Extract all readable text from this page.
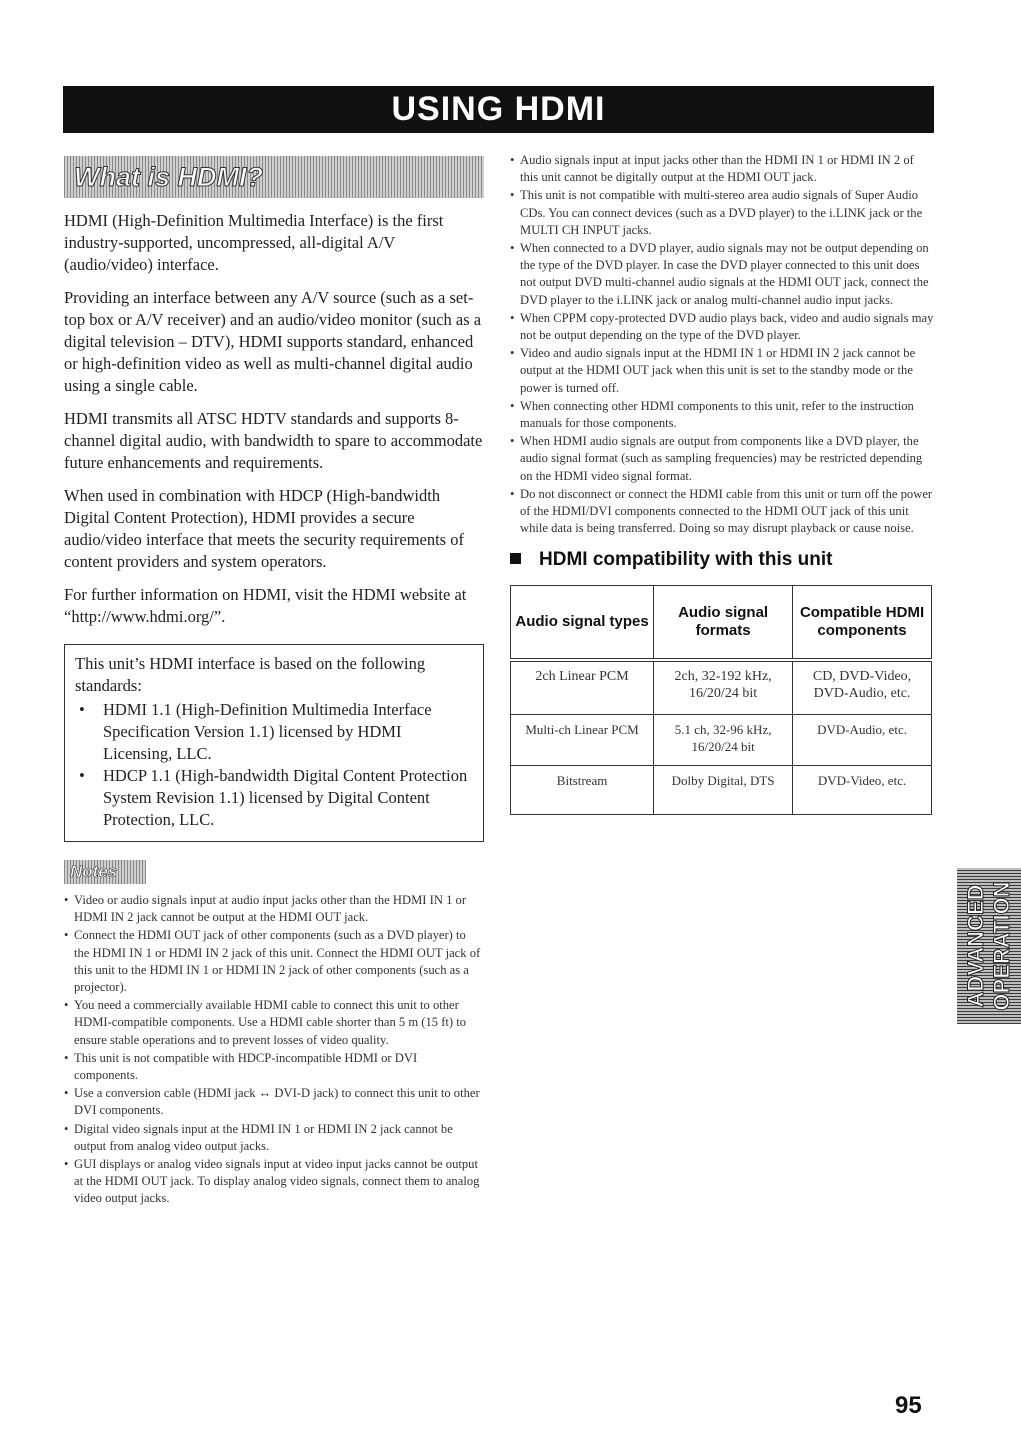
USING HDMI
What is HDMI?

HDMI (High-Definition Multimedia Interface) is the first industry-supported, uncompressed, all-digital A/V (audio/video) interface.

Providing an interface between any A/V source (such as a set-top box or A/V receiver) and an audio/video monitor (such as a digital television – DTV), HDMI supports standard, enhanced or high-definition video as well as multi-channel digital audio using a single cable.

HDMI transmits all ATSC HDTV standards and supports 8-channel digital audio, with bandwidth to spare to accommodate future enhancements and requirements.

When used in combination with HDCP (High-bandwidth Digital Content Protection), HDMI provides a secure audio/video interface that meets the security requirements of content providers and system operators.

For further information on HDMI, visit the HDMI website at “http://www.hdmi.org/”.

This unit’s HDMI interface is based on the following standards:
• HDMI 1.1 (High-Definition Multimedia Interface Specification Version 1.1) licensed by HDMI Licensing, LLC.
• HDCP 1.1 (High-bandwidth Digital Content Protection System Revision 1.1) licensed by Digital Content Protection, LLC.
Notes
• Video or audio signals input at audio input jacks other than the HDMI IN 1 or HDMI IN 2 jack cannot be output at the HDMI OUT jack.
• Connect the HDMI OUT jack of other components (such as a DVD player) to the HDMI IN 1 or HDMI IN 2 jack of this unit. Connect the HDMI OUT jack of this unit to the HDMI IN 1 or HDMI IN 2 jack of other components (such as a projector).
• You need a commercially available HDMI cable to connect this unit to other HDMI-compatible components. Use a HDMI cable shorter than 5 m (15 ft) to ensure stable operations and to prevent losses of video quality.
• This unit is not compatible with HDCP-incompatible HDMI or DVI components.
• Use a conversion cable (HDMI jack ↔ DVI-D jack) to connect this unit to other DVI components.
• Digital video signals input at the HDMI IN 1 or HDMI IN 2 jack cannot be output from analog video output jacks.
• GUI displays or analog video signals input at video input jacks cannot be output at the HDMI OUT jack. To display analog video signals, connect them to analog video output jacks.
• Audio signals input at input jacks other than the HDMI IN 1 or HDMI IN 2 of this unit cannot be digitally output at the HDMI OUT jack.
• This unit is not compatible with multi-stereo area audio signals of Super Audio CDs. You can connect devices (such as a DVD player) to the i.LINK jack or the MULTI CH INPUT jacks.
• When connected to a DVD player, audio signals may not be output depending on the type of the DVD player. In case the DVD player connected to this unit does not output DVD multi-channel audio signals at the HDMI OUT jack, connect the DVD player to the i.LINK jack or analog multi-channel audio input jacks.
• When CPPM copy-protected DVD audio plays back, video and audio signals may not be output depending on the type of the DVD player.
• Video and audio signals input at the HDMI IN 1 or HDMI IN 2 jack cannot be output at the HDMI OUT jack when this unit is set to the standby mode or the power is turned off.
• When connecting other HDMI components to this unit, refer to the instruction manuals for those components.
• When HDMI audio signals are output from components like a DVD player, the audio signal format (such as sampling frequencies) may be restricted depending on the HDMI video signal format.
• Do not disconnect or connect the HDMI cable from this unit or turn off the power of the HDMI/DVI components connected to the HDMI OUT jack of this unit while data is being transferred. Doing so may disrupt playback or cause noise.
HDMI compatibility with this unit
Audio signal types	Audio signal formats	Compatible HDMI components
2ch Linear PCM	2ch, 32-192 kHz, 16/20/24 bit	CD, DVD-Video, DVD-Audio, etc.
Multi-ch Linear PCM	5.1 ch, 32-96 kHz, 16/20/24 bit	DVD-Audio, etc.
Bitstream	Dolby Digital, DTS	DVD-Video, etc.
ADVANCED OPERATION
95
